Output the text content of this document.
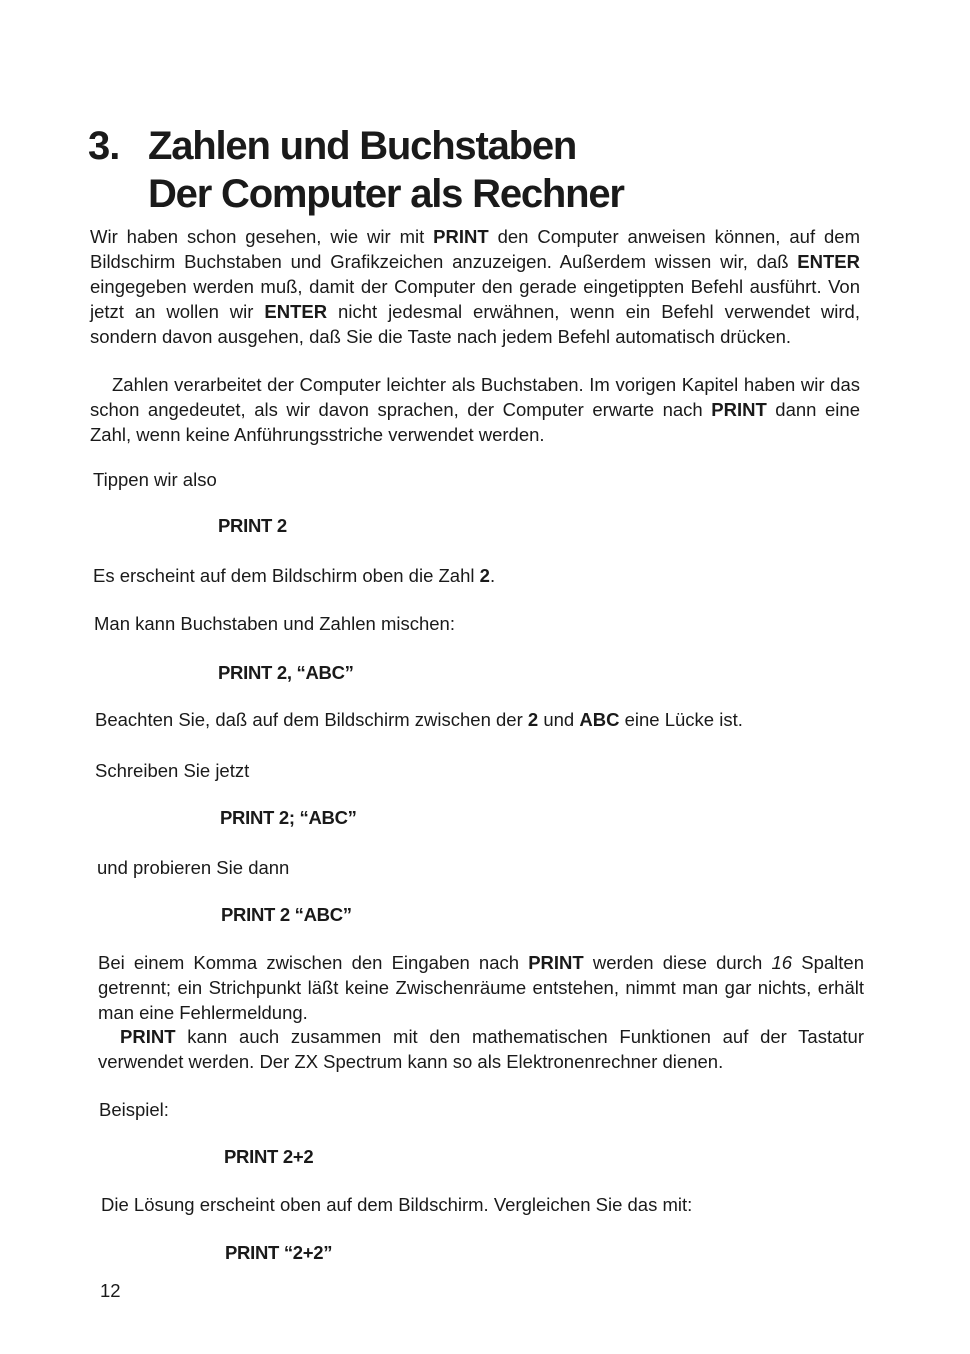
3. Zahlen und Buchstaben
Der Computer als Rechner
Wir haben schon gesehen, wie wir mit PRINT den Computer anweisen können, auf dem Bildschirm Buchstaben und Grafikzeichen anzuzeigen. Außerdem wissen wir, daß ENTER eingegeben werden muß, damit der Computer den gerade eingetippten Befehl ausführt. Von jetzt an wollen wir ENTER nicht jedesmal erwähnen, wenn ein Befehl verwendet wird, sondern davon ausgehen, daß Sie die Taste nach jedem Befehl automatisch drücken.
Zahlen verarbeitet der Computer leichter als Buchstaben. Im vorigen Kapitel haben wir das schon angedeutet, als wir davon sprachen, der Computer erwarte nach PRINT dann eine Zahl, wenn keine Anführungsstriche verwendet werden.
Tippen wir also
PRINT 2
Es erscheint auf dem Bildschirm oben die Zahl 2.
Man kann Buchstaben und Zahlen mischen:
PRINT 2, “ABC”
Beachten Sie, daß auf dem Bildschirm zwischen der 2 und ABC eine Lücke ist.
Schreiben Sie jetzt
PRINT 2; “ABC”
und probieren Sie dann
PRINT 2 “ABC”
Bei einem Komma zwischen den Eingaben nach PRINT werden diese durch 16 Spalten getrennt; ein Strichpunkt läßt keine Zwischenräume entstehen, nimmt man gar nichts, erhält man eine Fehlermeldung.
PRINT kann auch zusammen mit den mathematischen Funktionen auf der Tastatur verwendet werden. Der ZX Spectrum kann so als Elektronenrechner dienen.
Beispiel:
PRINT 2+2
Die Lösung erscheint oben auf dem Bildschirm. Vergleichen Sie das mit:
PRINT “2+2”
12
